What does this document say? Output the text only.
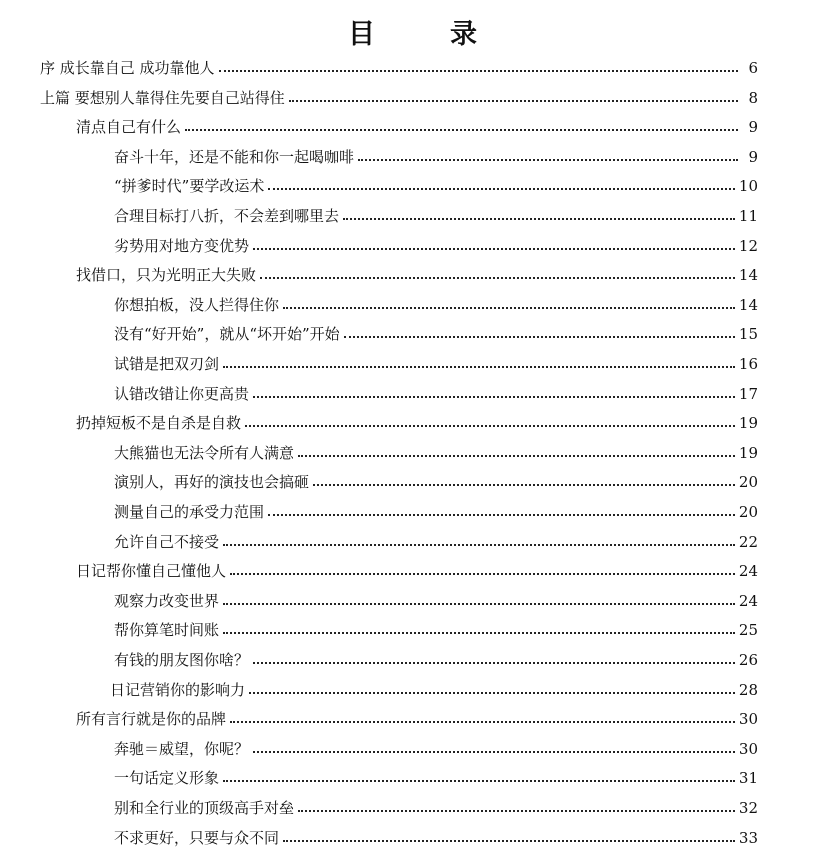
目　录
序 成长靠自己 成功靠他人	6
上篇 要想别人靠得住先要自己站得住	8
清点自己有什么	9
奋斗十年，还是不能和你一起喝咖啡	9
“拼爹时代”要学改运术	10
合理目标打八折，不会差到哪里去	11
劣势用对地方变优势	12
找借口，只为光明正大失败	14
你想拍板，没人拦得住你	14
没有“好开始”，就从“坏开始”开始	15
试错是把双刃剑	16
认错改错让你更高贵	17
扔掉短板不是自杀是自救	19
大熊猫也无法令所有人满意	19
演别人，再好的演技也会搞砸	20
测量自己的承受力范围	20
允许自己不接受	22
日记帮你懂自己懂他人	24
观察力改变世界	24
帮你算笔时间账	25
有钱的朋友图你啥？	26
日记营销你的影响力	28
所有言行就是你的品牌	30
奔驰＝威望，你呢？	30
一句话定义形象	31
别和全行业的顶级高手对垒	32
不求更好，只要与众不同	33
